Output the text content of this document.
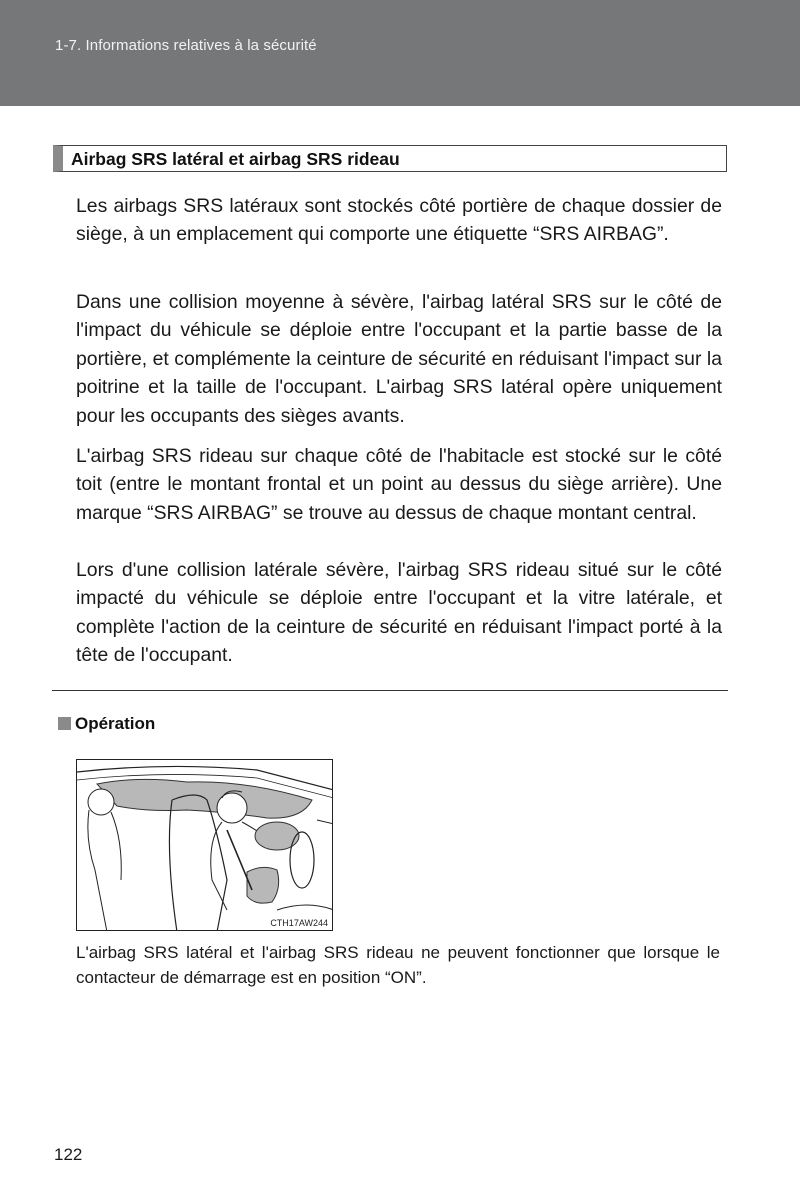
1-7. Informations relatives à la sécurité
Airbag SRS latéral et airbag SRS rideau

Les airbags SRS latéraux sont stockés côté portière de chaque dossier de siège, à un emplacement qui comporte une étiquette “SRS AIRBAG”.

Dans une collision moyenne à sévère, l'airbag latéral SRS sur le côté de l'impact du véhicule se déploie entre l'occupant et la partie basse de la portière, et complémente la ceinture de sécurité en réduisant l'impact sur la poitrine et la taille de l'occupant. L'airbag SRS latéral opère uniquement pour les occupants des sièges avants.

L'airbag SRS rideau sur chaque côté de l'habitacle est stocké sur le côté toit (entre le montant frontal et un point au dessus du siège arrière). Une marque “SRS AIRBAG” se trouve au dessus de chaque montant central.

Lors d'une collision latérale sévère, l'airbag SRS rideau situé sur le côté impacté du véhicule se déploie entre l'occupant et la vitre latérale, et complète l'action de la ceinture de sécurité en réduisant l'impact porté à la tête de l'occupant.

Opération
CTH17AW244

L'airbag SRS latéral et l'airbag SRS rideau ne peuvent fonctionner que lorsque le contacteur de démarrage est en position “ON”.

122
